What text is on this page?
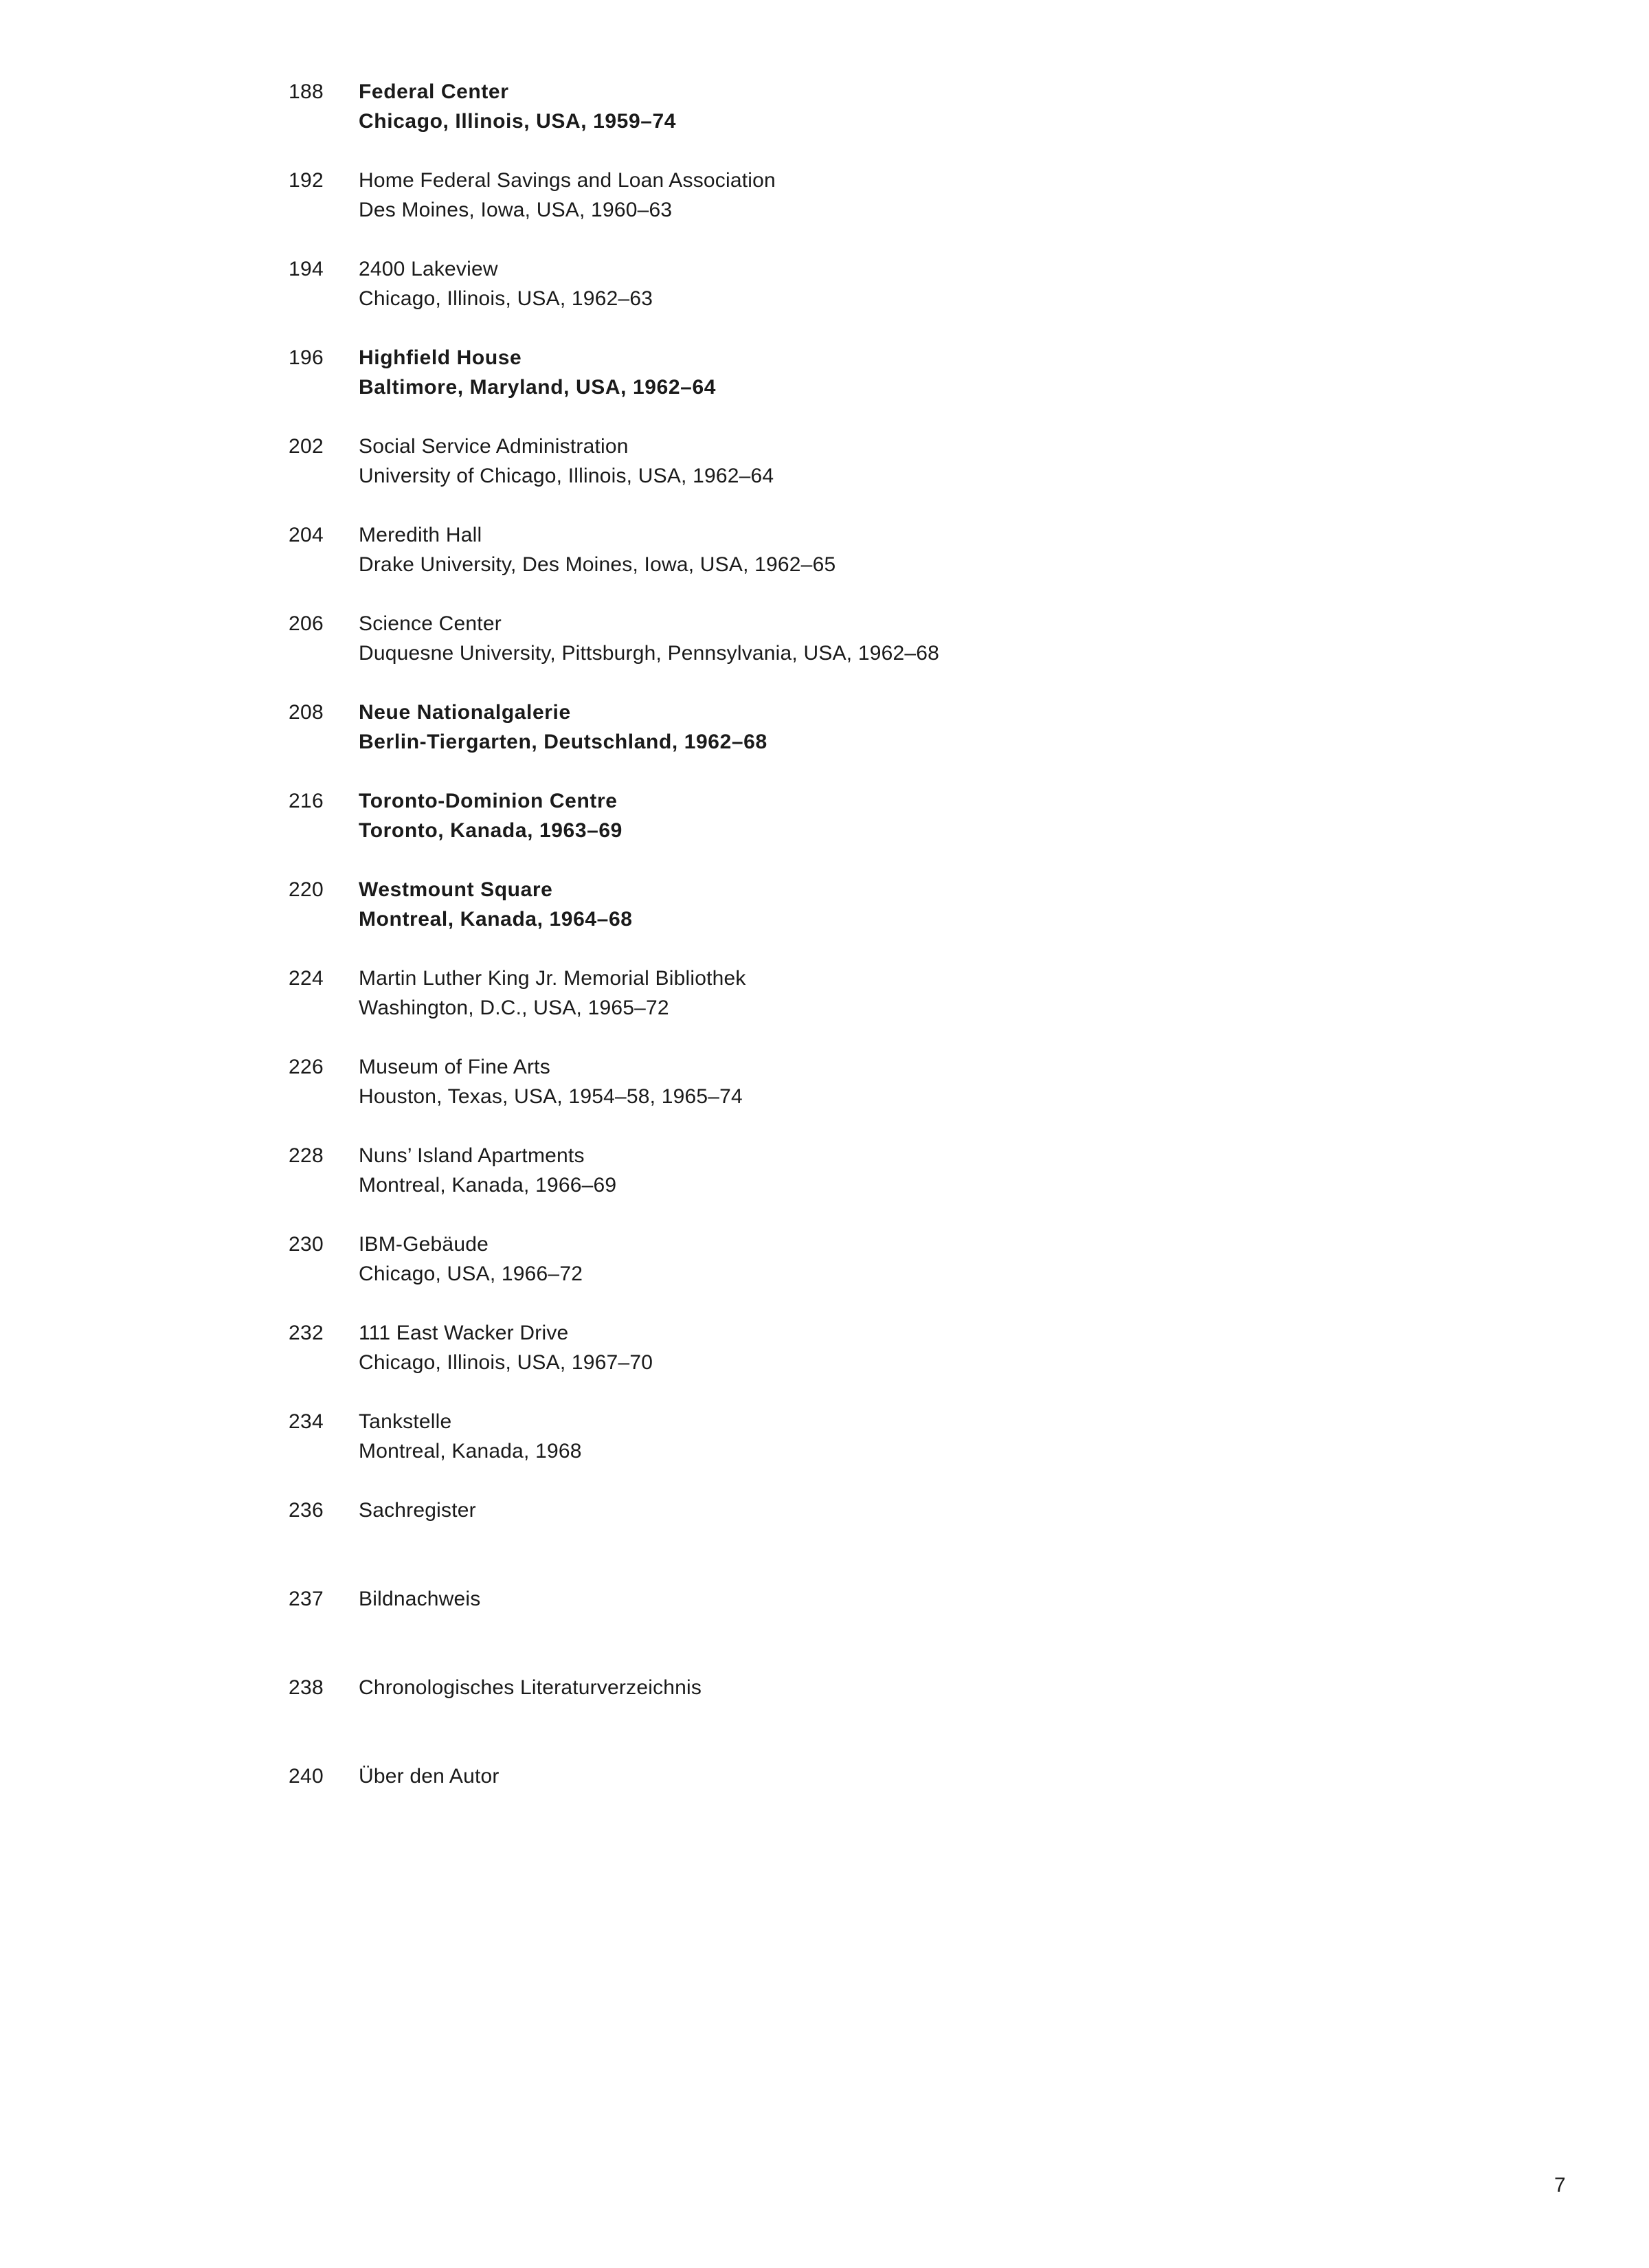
188 Federal Center
Chicago, Illinois, USA, 1959–74
192 Home Federal Savings and Loan Association
Des Moines, Iowa, USA, 1960–63
194 2400 Lakeview
Chicago, Illinois, USA, 1962–63
196 Highfield House
Baltimore, Maryland, USA, 1962–64
202 Social Service Administration
University of Chicago, Illinois, USA, 1962–64
204 Meredith Hall
Drake University, Des Moines, Iowa, USA, 1962–65
206 Science Center
Duquesne University, Pittsburgh, Pennsylvania, USA, 1962–68
208 Neue Nationalgalerie
Berlin-Tiergarten, Deutschland, 1962–68
216 Toronto-Dominion Centre
Toronto, Kanada, 1963–69
220 Westmount Square
Montreal, Kanada, 1964–68
224 Martin Luther King Jr. Memorial Bibliothek
Washington, D.C., USA, 1965–72
226 Museum of Fine Arts
Houston, Texas, USA, 1954–58, 1965–74
228 Nuns’ Island Apartments
Montreal, Kanada, 1966–69
230 IBM-Gebäude
Chicago, USA, 1966–72
232 111 East Wacker Drive
Chicago, Illinois, USA, 1967–70
234 Tankstelle
Montreal, Kanada, 1968
236 Sachregister
237 Bildnachweis
238 Chronologisches Literaturverzeichnis
240 Über den Autor
7
